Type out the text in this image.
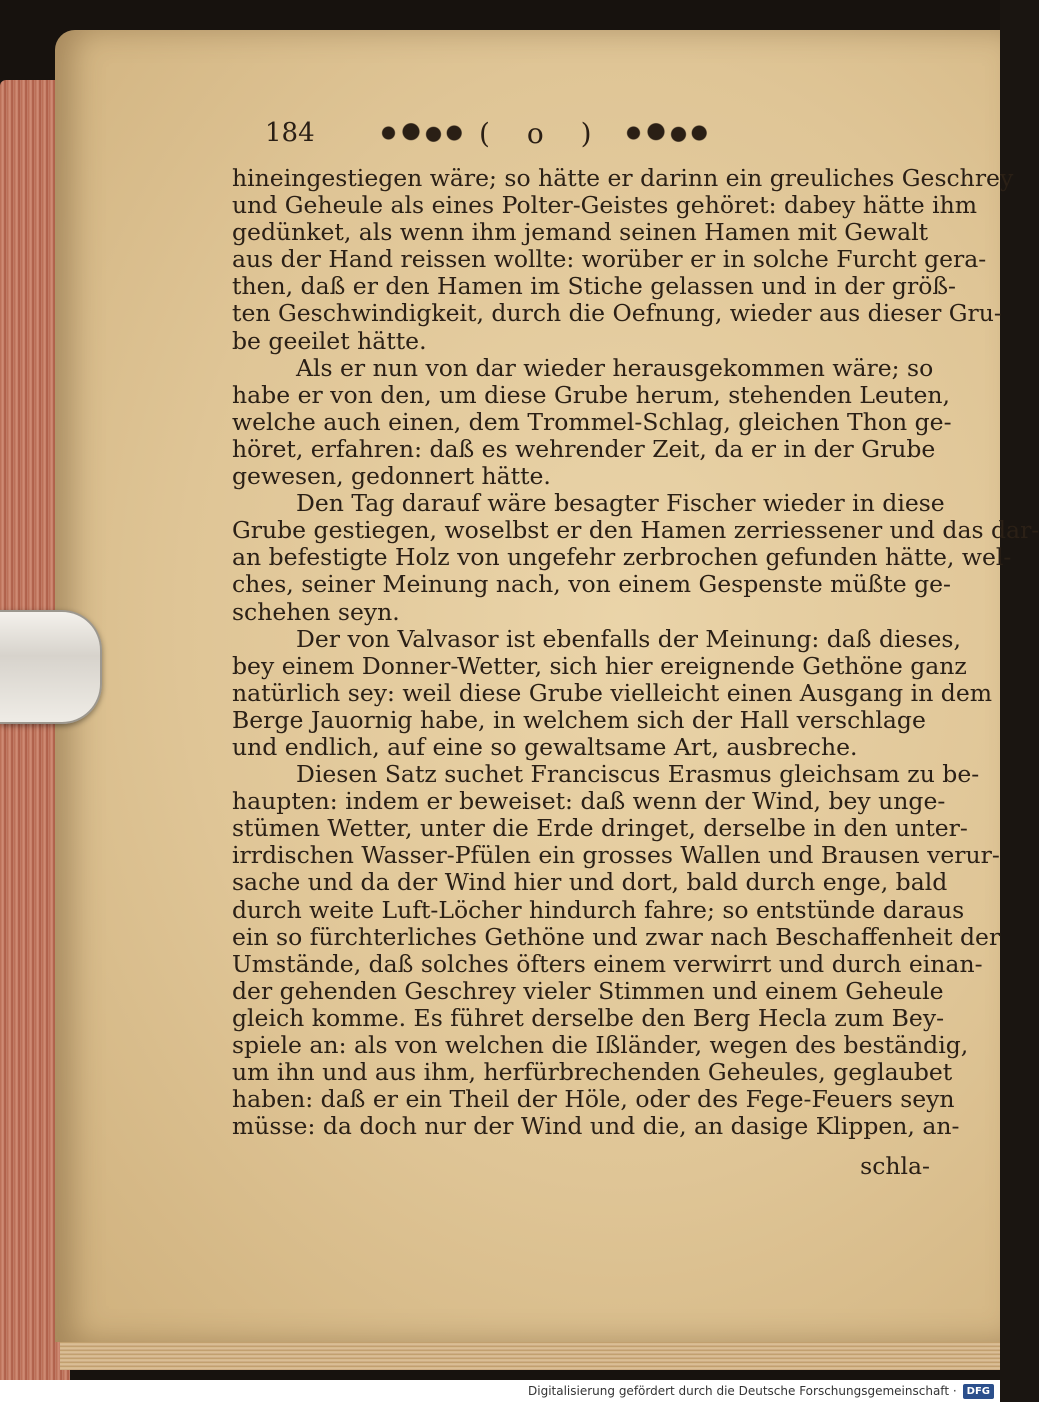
184	( o )
hineingestiegen wäre; so hätte er darinn ein greuliches Geschrey
und Geheule als eines Polter-Geistes gehöret: dabey hätte ihm
gedünket, als wenn ihm jemand seinen Hamen mit Gewalt
aus der Hand reissen wollte: worüber er in solche Furcht gera-
then, daß er den Hamen im Stiche gelassen und in der größ-
ten Geschwindigkeit, durch die Oefnung, wieder aus dieser Gru-
be geeilet hätte.
Als er nun von dar wieder herausgekommen wäre; so
habe er von den, um diese Grube herum, stehenden Leuten,
welche auch einen, dem Trommel-Schlag, gleichen Thon ge-
höret, erfahren: daß es wehrender Zeit, da er in der Grube
gewesen, gedonnert hätte.
Den Tag darauf wäre besagter Fischer wieder in diese
Grube gestiegen, woselbst er den Hamen zerriessener und das dar-
an befestigte Holz von ungefehr zerbrochen gefunden hätte, wel-
ches, seiner Meinung nach, von einem Gespenste müßte ge-
schehen seyn.
Der von Valvasor ist ebenfalls der Meinung: daß dieses,
bey einem Donner-Wetter, sich hier ereignende Gethöne ganz
natürlich sey: weil diese Grube vielleicht einen Ausgang in dem
Berge Jauornig habe, in welchem sich der Hall verschlage
und endlich, auf eine so gewaltsame Art, ausbreche.
Diesen Satz suchet Franciscus Erasmus gleichsam zu be-
haupten: indem er beweiset: daß wenn der Wind, bey unge-
stümen Wetter, unter die Erde dringet, derselbe in den unter-
irrdischen Wasser-Pfülen ein grosses Wallen und Brausen verur-
sache und da der Wind hier und dort, bald durch enge, bald
durch weite Luft-Löcher hindurch fahre; so entstünde daraus
ein so fürchterliches Gethöne und zwar nach Beschaffenheit der
Umstände, daß solches öfters einem verwirrt und durch einan-
der gehenden Geschrey vieler Stimmen und einem Geheule
gleich komme. Es führet derselbe den Berg Hecla zum Bey-
spiele an: als von welchen die Ißländer, wegen des beständig,
um ihn und aus ihm, herfürbrechenden Geheules, geglaubet
haben: daß er ein Theil der Höle, oder des Fege-Feuers seyn
müsse: da doch nur der Wind und die, an dasige Klippen, an-
schla-
Digitalisierung gefördert durch die Deutsche Forschungsgemeinschaft ·	DFG
